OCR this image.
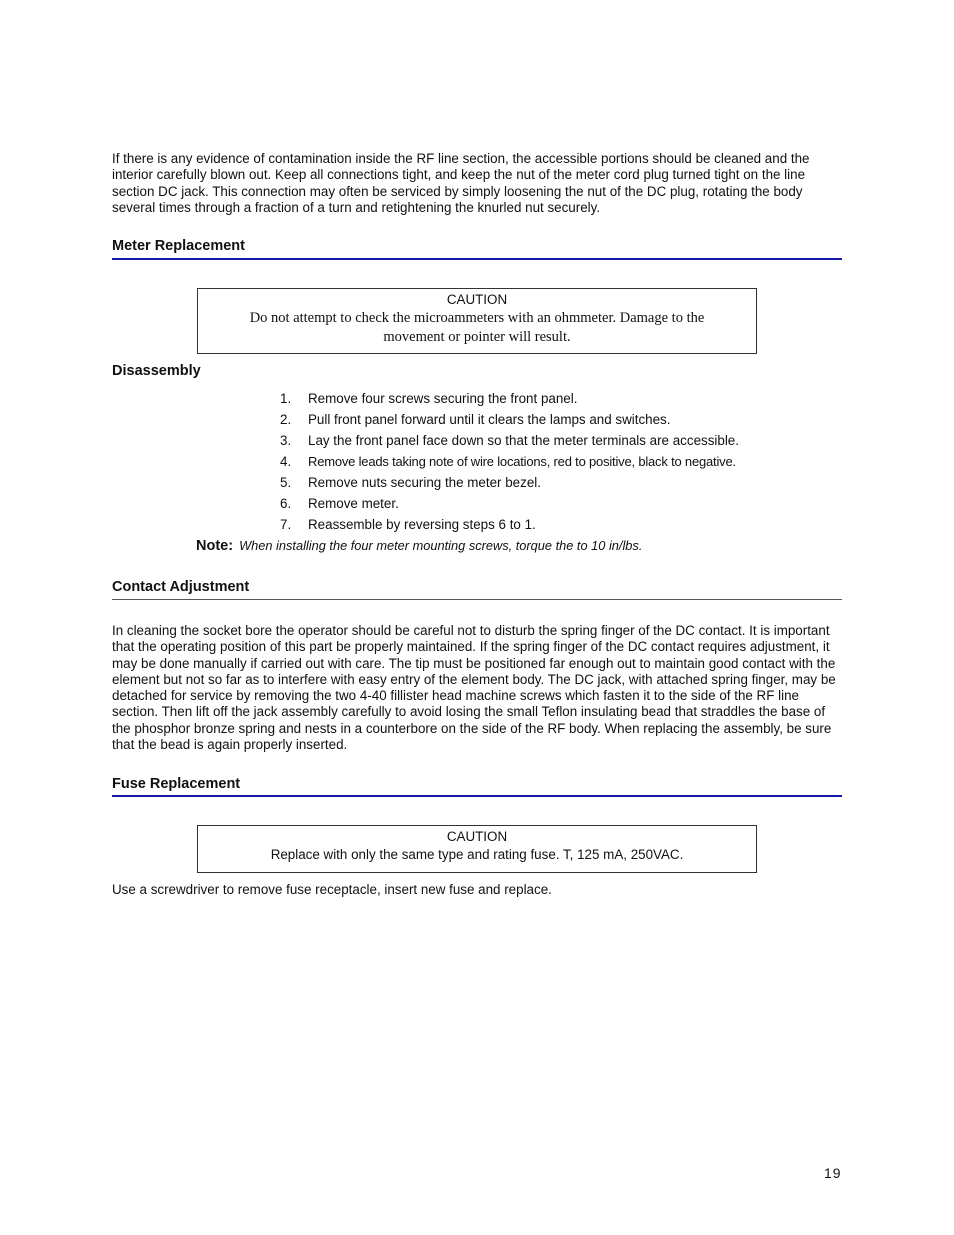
If there is any evidence of contamination inside the RF line section, the accessible portions should be cleaned and the interior carefully blown out. Keep all connections tight, and keep the nut of the meter cord plug turned tight on the line section DC jack. This connection may often be serviced by simply loosening the nut of the DC plug, rotating the body several times through a fraction of a turn and retightening the knurled nut securely.

Meter Replacement
CAUTION
Do not attempt to check the microammeters with an ohmmeter. Damage to the movement or pointer will result.
Disassembly
1.	Remove four screws securing the front panel.
2.	Pull front panel forward until it clears the lamps and switches.
3.	Lay the front panel face down so that the meter terminals are accessible.
4.	Remove leads taking note of wire locations, red to positive, black to negative.
5.	Remove nuts securing the meter bezel.
6.	Remove meter.
7.	Reassemble by reversing steps 6 to 1.
Note: When installing the four meter mounting screws, torque the to 10 in/lbs.
Contact Adjustment

In cleaning the socket bore the operator should be careful not to disturb the spring finger of the DC contact. It is important that the operating position of this part be properly maintained. If the spring finger of the DC contact requires adjustment, it may be done manually if carried out with care. The tip must be positioned far enough out to maintain good contact with the element but not so far as to interfere with easy entry of the element body. The DC jack, with attached spring finger, may be detached for service by removing the two 4-40 fillister head machine screws which fasten it to the side of the RF line section. Then lift off the jack assembly carefully to avoid losing the small Teflon insulating bead that straddles the base of the phosphor bronze spring and nests in a counterbore on the side of the RF body. When replacing the assembly, be sure that the bead is again properly inserted.

Fuse Replacement
CAUTION
Replace with only the same type and rating fuse. T, 125 mA, 250VAC.

Use a screwdriver to remove fuse receptacle, insert new fuse and replace.

19
